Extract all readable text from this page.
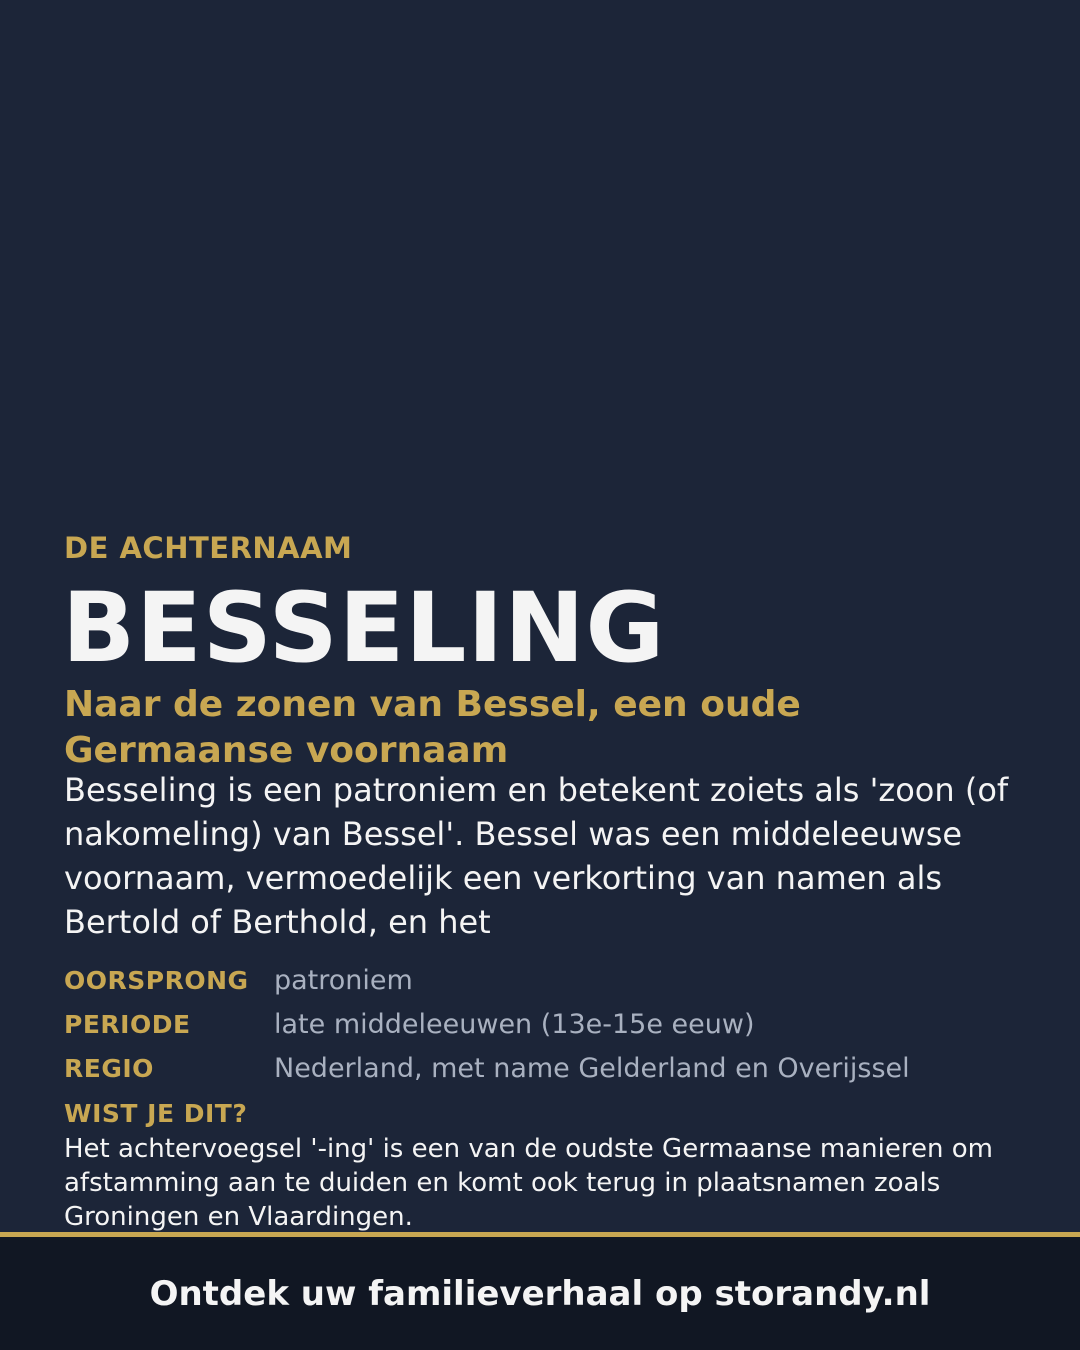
DE ACHTERNAAM
BESSELING
Naar de zonen van Bessel, een oude Germaanse voornaam
Besseling is een patroniem en betekent zoiets als 'zoon (of nakomeling) van Bessel'. Bessel was een middeleeuwse voornaam, vermoedelijk een verkorting van namen als Bertold of Berthold, en het
OORSPRONG patroniem
PERIODE	late middeleeuwen (13e-15e eeuw)
REGIO	Nederland, met name Gelderland en Overijssel
WIST JE DIT?
Het achtervoegsel '-ing' is een van de oudste Germaanse manieren om afstamming aan te duiden en komt ook terug in plaatsnamen zoals Groningen en Vlaardingen.
Ontdek uw familieverhaal op storandy.nl
